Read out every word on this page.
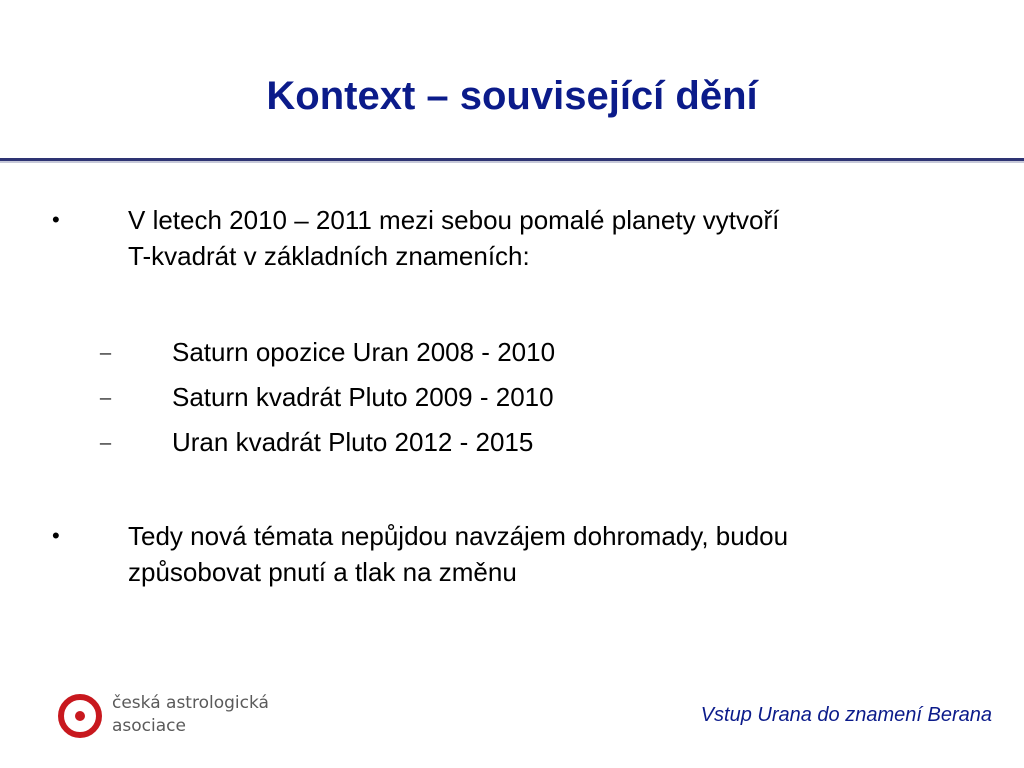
Kontext – související dění
•	V letech 2010 – 2011 mezi sebou pomalé planety vytvoří
T-kvadrát v základních znameních:
–	Saturn opozice Uran 2008 - 2010
–	Saturn kvadrát Pluto 2009 - 2010
–	Uran kvadrát Pluto 2012 - 2015
•	Tedy nová témata nepůjdou navzájem dohromady, budou
způsobovat pnutí a tlak na změnu
česká astrologická
asociace	Vstup Urana do znamení Berana
